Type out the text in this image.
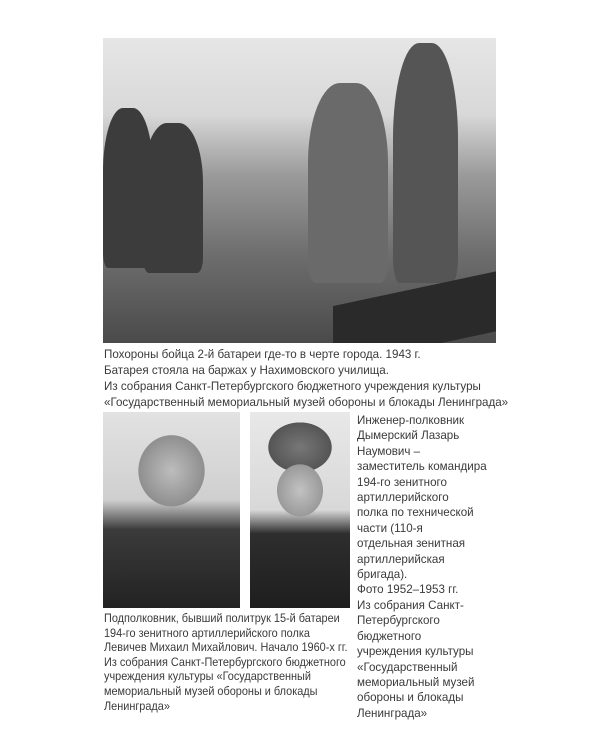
Похороны бойца 2-й батареи где-то в черте города. 1943 г.
Батарея стояла на баржах у Нахимовского училища.
Из собрания Санкт-Петербургского бюджетного учреждения культуры
«Государственный мемориальный музей обороны и блокады Ленинграда»
Инженер-полковник
Дымерский Лазарь
Наумович –
заместитель командира
194-го зенитного
артиллерийского
полка по технической
части (110-я
отдельная зенитная
артиллерийская
бригада).
Фото 1952–1953 гг.
Из собрания Санкт-
Петербургского
бюджетного
учреждения культуры
«Государственный
мемориальный музей
обороны и блокады
Ленинграда»
Подполковник, бывший политрук 15-й батареи
194-го зенитного артиллерийского полка
Левичев Михаил Михайлович. Начало 1960-х гг.
Из собрания Санкт-Петербургского бюджетного
учреждения культуры «Государственный
мемориальный музей обороны и блокады
Ленинграда»
